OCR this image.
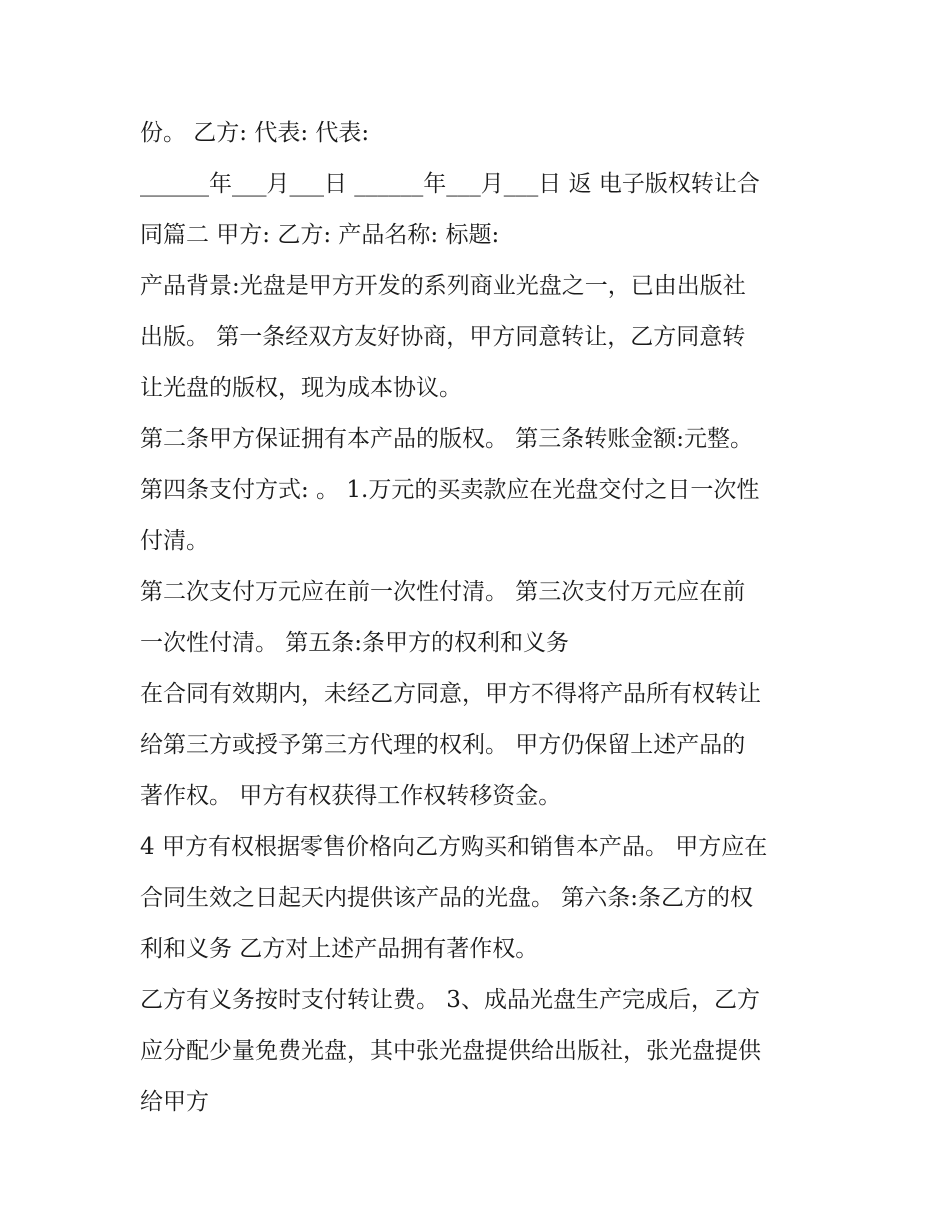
份。 乙方: 代表: 代表:
______年___月___日 ______年___月___日 返 电子版权转让合
同篇二 甲方: 乙方: 产品名称: 标题:
产品背景:光盘是甲方开发的系列商业光盘之一，已由出版社
出版。 第一条经双方友好协商，甲方同意转让，乙方同意转
让光盘的版权，现为成本协议。
第二条甲方保证拥有本产品的版权。 第三条转账金额:元整。
第四条支付方式: 。 1.万元的买卖款应在光盘交付之日一次性
付清。
第二次支付万元应在前一次性付清。 第三次支付万元应在前
一次性付清。 第五条:条甲方的权利和义务
在合同有效期内，未经乙方同意，甲方不得将产品所有权转让
给第三方或授予第三方代理的权利。 甲方仍保留上述产品的
著作权。 甲方有权获得工作权转移资金。
4 甲方有权根据零售价格向乙方购买和销售本产品。 甲方应在
合同生效之日起天内提供该产品的光盘。 第六条:条乙方的权
利和义务 乙方对上述产品拥有著作权。
乙方有义务按时支付转让费。 3、成品光盘生产完成后，乙方
应分配少量免费光盘，其中张光盘提供给出版社，张光盘提供
给甲方
